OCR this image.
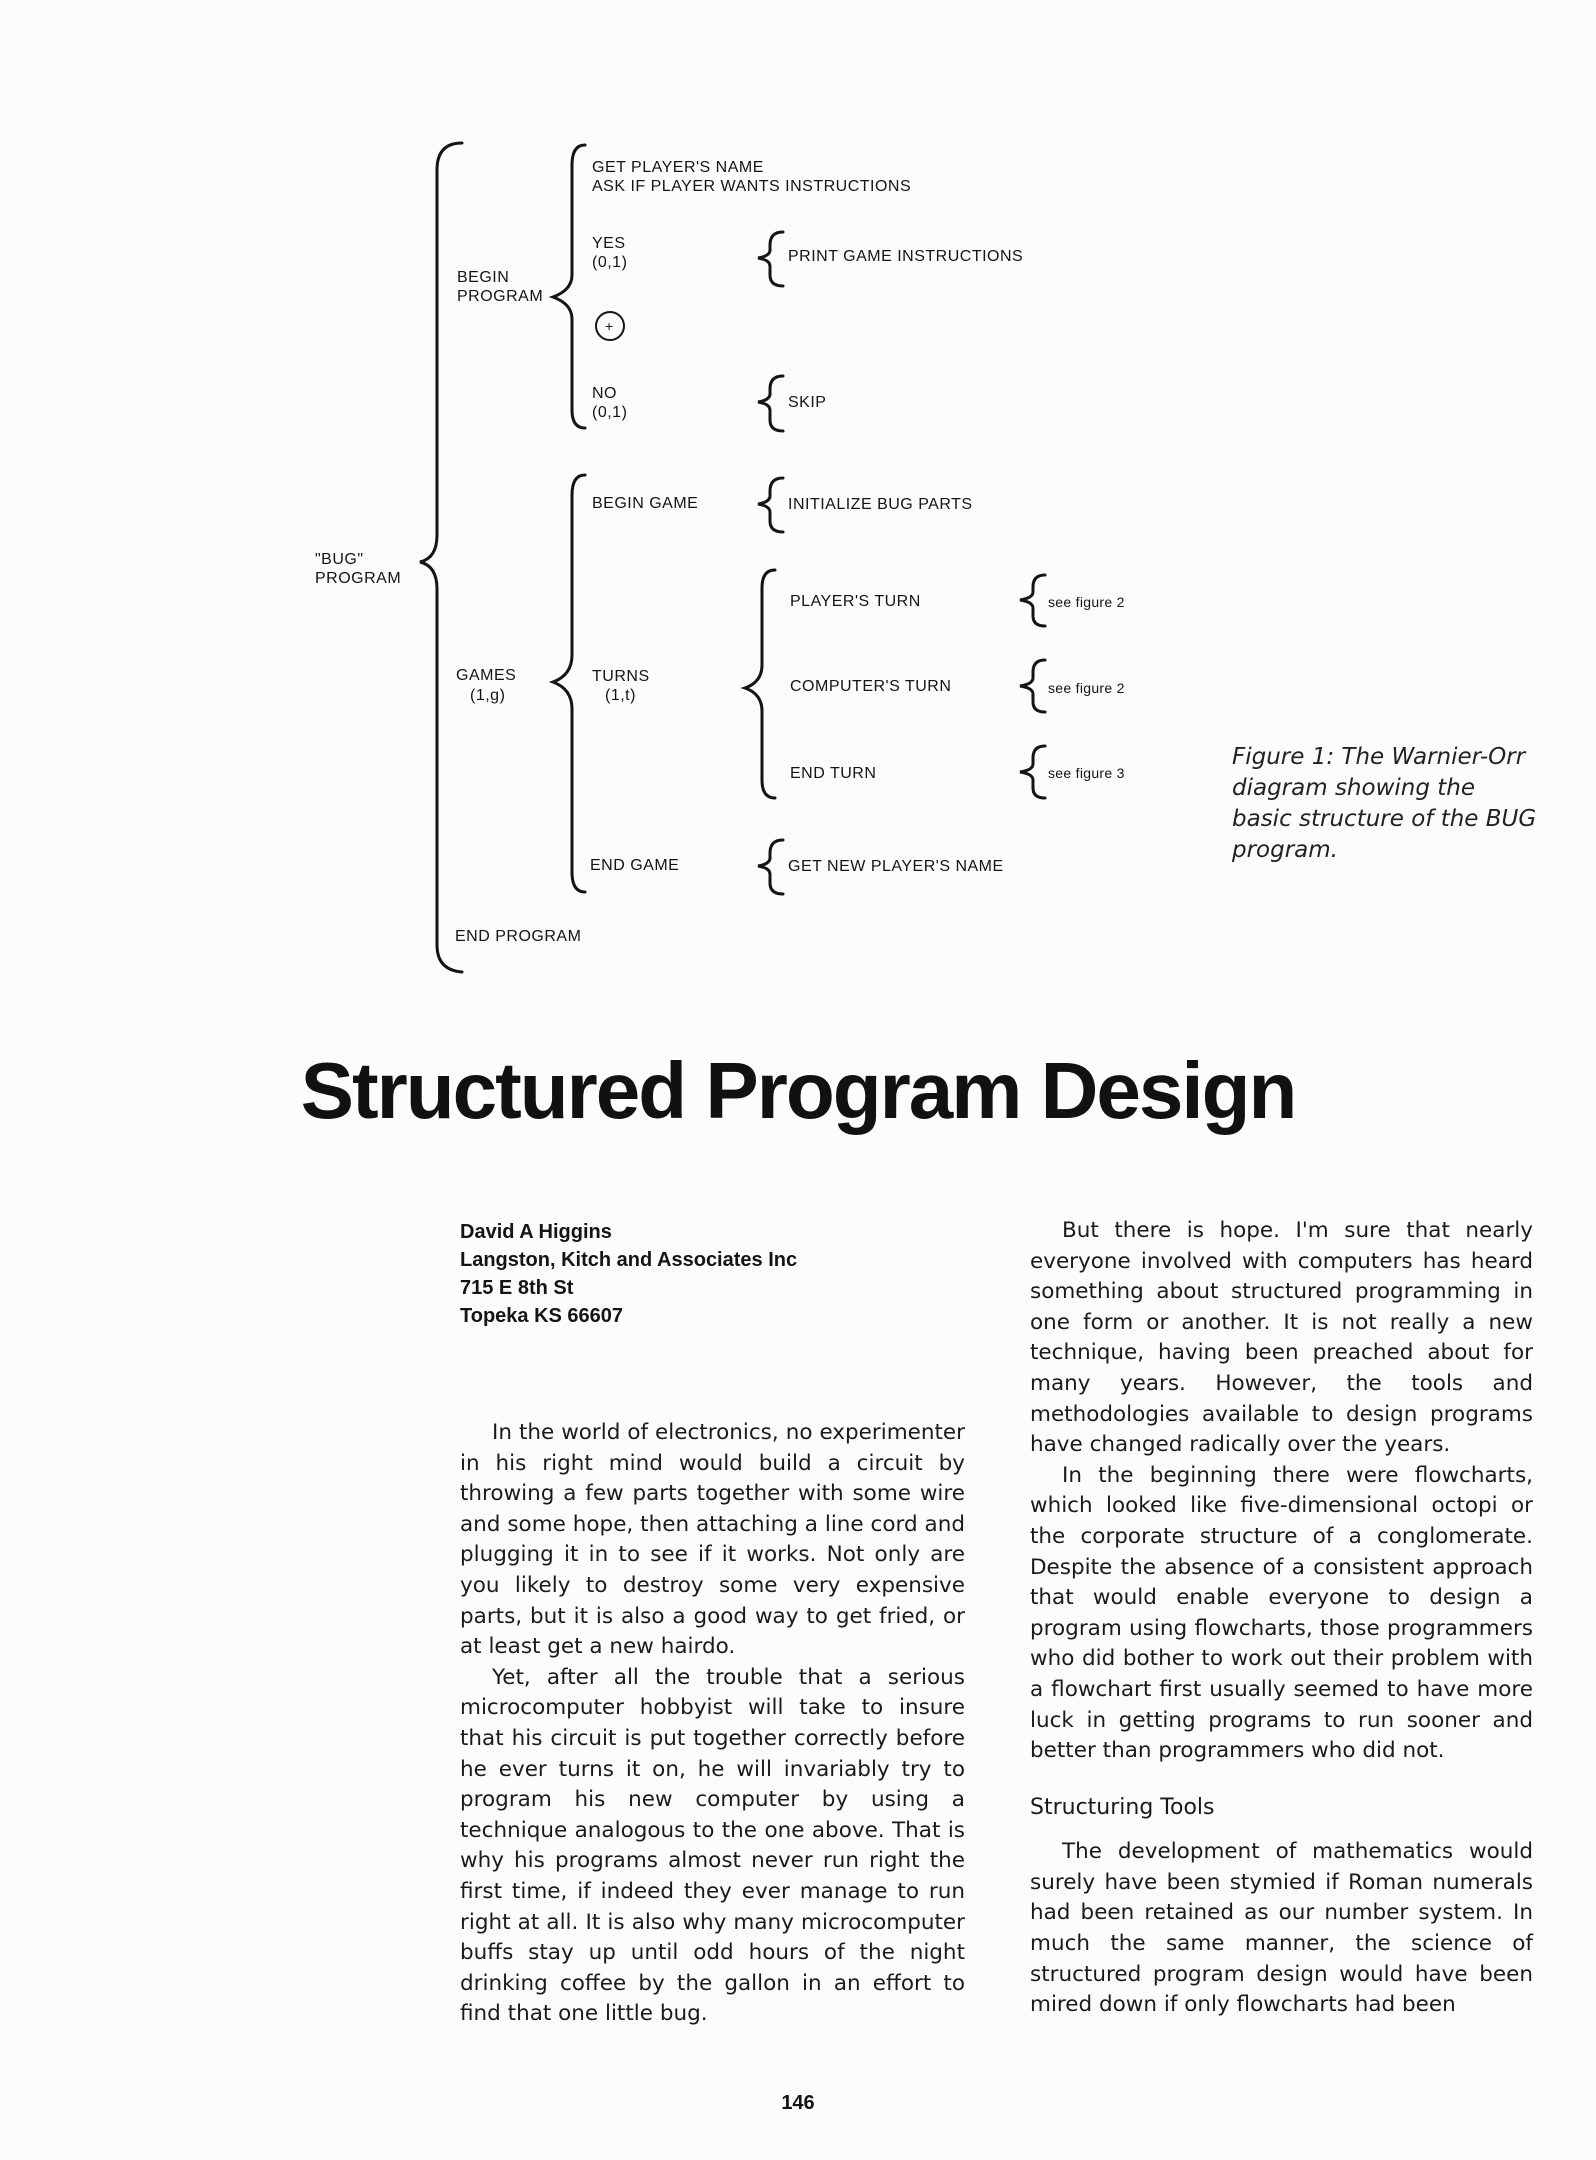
"BUG" PROGRAM
BEGIN PROGRAM
GET PLAYER'S NAME
ASK IF PLAYER WANTS INSTRUCTIONS
YES
(0,1)	PRINT GAME INSTRUCTIONS
+
NO
(0,1)
SKIP
GAMES
(1,g)
BEGIN GAME	INITIALIZE BUG PARTS
TURNS
(1,t)
PLAYER'S TURN	see figure 2
COMPUTER'S TURN	see figure 2
END TURN	see figure 3
END GAME	GET NEW PLAYER'S NAME
END PROGRAM
Figure 1: The Warnier-Orr diagram showing the basic structure of the BUG program.
Structured Program Design
David A Higgins
Langston, Kitch and Associates Inc
715 E 8th St
Topeka KS 66607

In the world of electronics, no experimenter in his right mind would build a circuit by throwing a few parts together with some wire and some hope, then attaching a line cord and plugging it in to see if it works. Not only are you likely to destroy some very expensive parts, but it is also a good way to get fried, or at least get a new hairdo.

Yet, after all the trouble that a serious microcomputer hobbyist will take to insure that his circuit is put together correctly before he ever turns it on, he will invariably try to program his new computer by using a technique analogous to the one above. That is why his programs almost never run right the first time, if indeed they ever manage to run right at all. It is also why many microcomputer buffs stay up until odd hours of the night drinking coffee by the gallon in an effort to find that one little bug.

But there is hope. I'm sure that nearly everyone involved with computers has heard something about structured programming in one form or another. It is not really a new technique, having been preached about for many years. However, the tools and methodologies available to design programs have changed radically over the years.

In the beginning there were flowcharts, which looked like five-dimensional octopi or the corporate structure of a conglomerate. Despite the absence of a consistent approach that would enable everyone to design a program using flowcharts, those programmers who did bother to work out their problem with a flowchart first usually seemed to have more luck in getting programs to run sooner and better than programmers who did not.

Structuring Tools

The development of mathematics would surely have been stymied if Roman numerals had been retained as our number system. In much the same manner, the science of structured program design would have been mired down if only flowcharts had been

146
